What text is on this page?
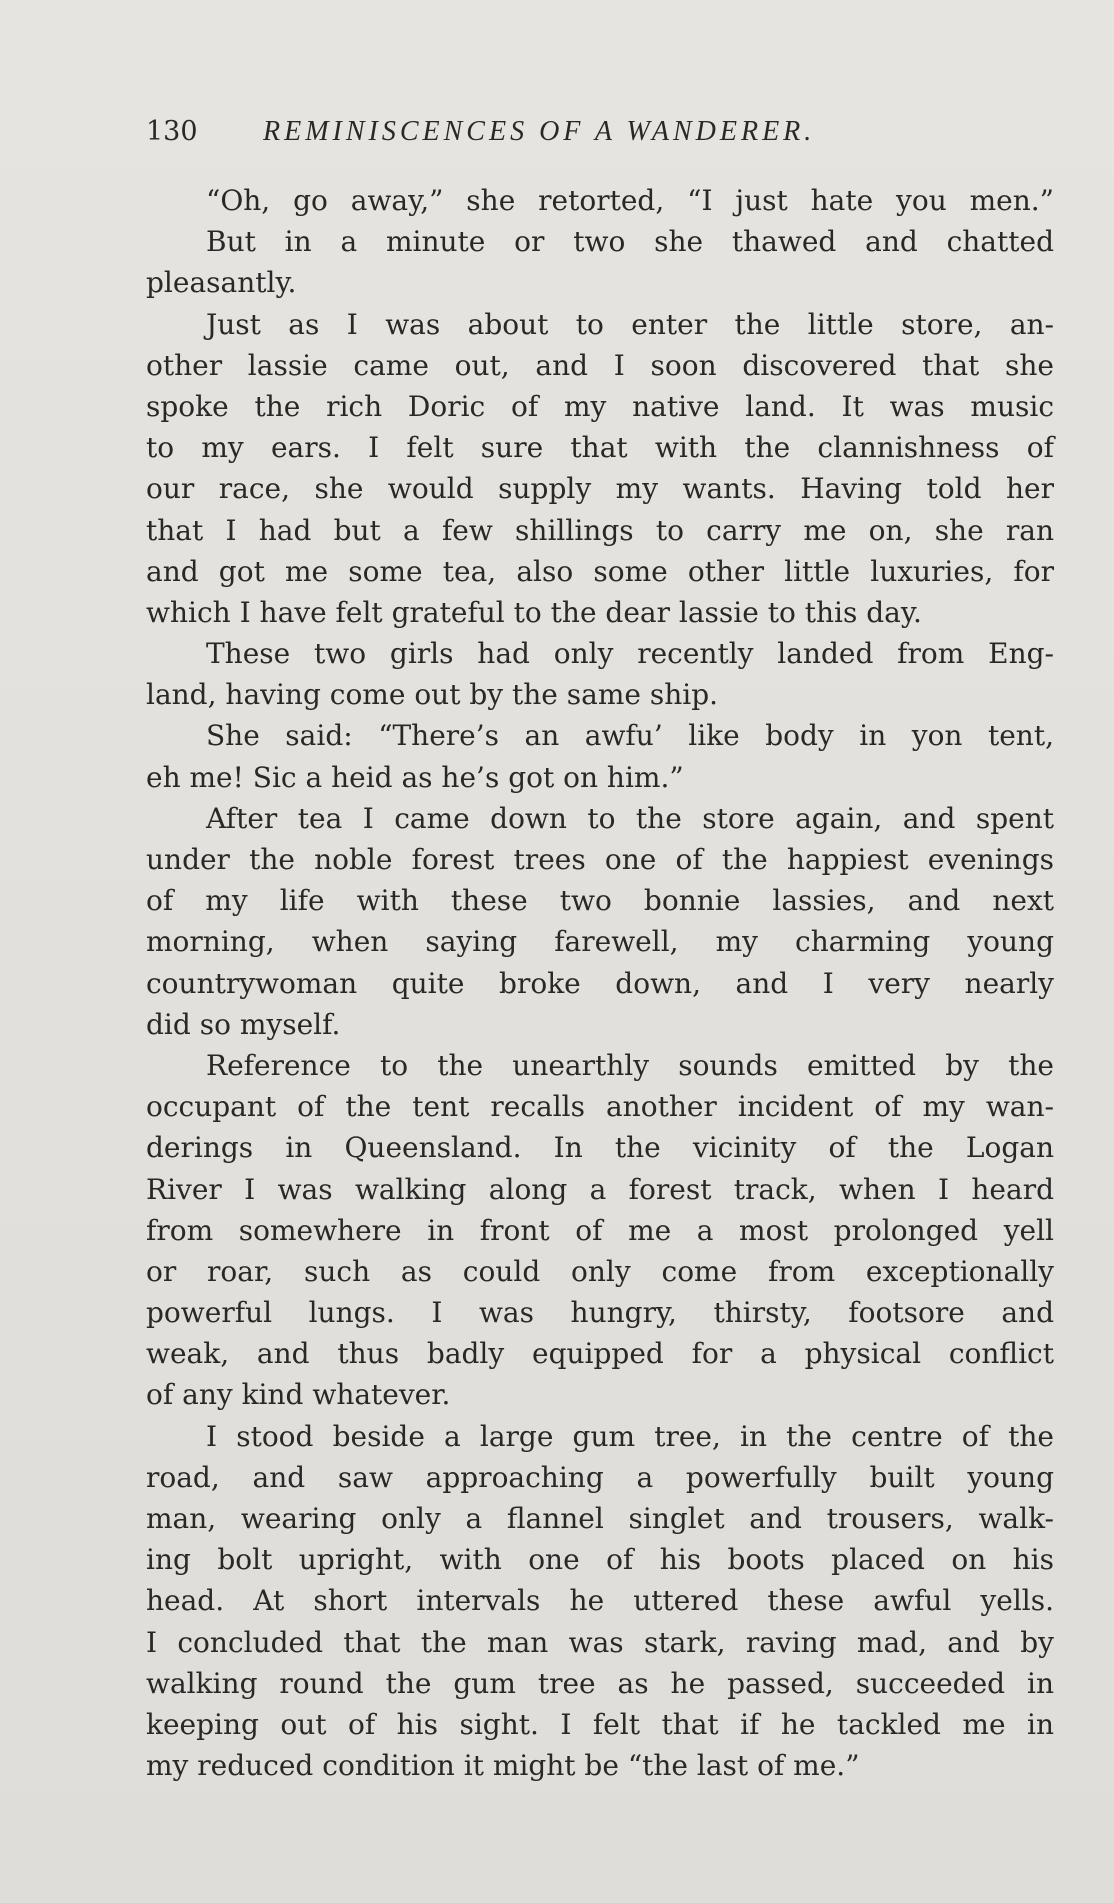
130 REMINISCENCES OF A WANDERER.
“Oh, go away,” she retorted, “I just hate you men.”
But in a minute or two she thawed and chatted
pleasantly.
Just as I was about to enter the little store, an-
other lassie came out, and I soon discovered that she
spoke the rich Doric of my native land. It was music
to my ears. I felt sure that with the clannishness of
our race, she would supply my wants. Having told her
that I had but a few shillings to carry me on, she ran
and got me some tea, also some other little luxuries, for
which I have felt grateful to the dear lassie to this day.
These two girls had only recently landed from Eng-
land, having come out by the same ship.
She said: “There’s an awfu’ like body in yon tent,
eh me! Sic a heid as he’s got on him.”
After tea I came down to the store again, and spent
under the noble forest trees one of the happiest evenings
of my life with these two bonnie lassies, and next
morning, when saying farewell, my charming young
countrywoman quite broke down, and I very nearly
did so myself.
Reference to the unearthly sounds emitted by the
occupant of the tent recalls another incident of my wan-
derings in Queensland. In the vicinity of the Logan
River I was walking along a forest track, when I heard
from somewhere in front of me a most prolonged yell
or roar, such as could only come from exceptionally
powerful lungs. I was hungry, thirsty, footsore and
weak, and thus badly equipped for a physical conflict
of any kind whatever.
I stood beside a large gum tree, in the centre of the
road, and saw approaching a powerfully built young
man, wearing only a flannel singlet and trousers, walk-
ing bolt upright, with one of his boots placed on his
head. At short intervals he uttered these awful yells.
I concluded that the man was stark, raving mad, and by
walking round the gum tree as he passed, succeeded in
keeping out of his sight. I felt that if he tackled me in
my reduced condition it might be “the last of me.”
